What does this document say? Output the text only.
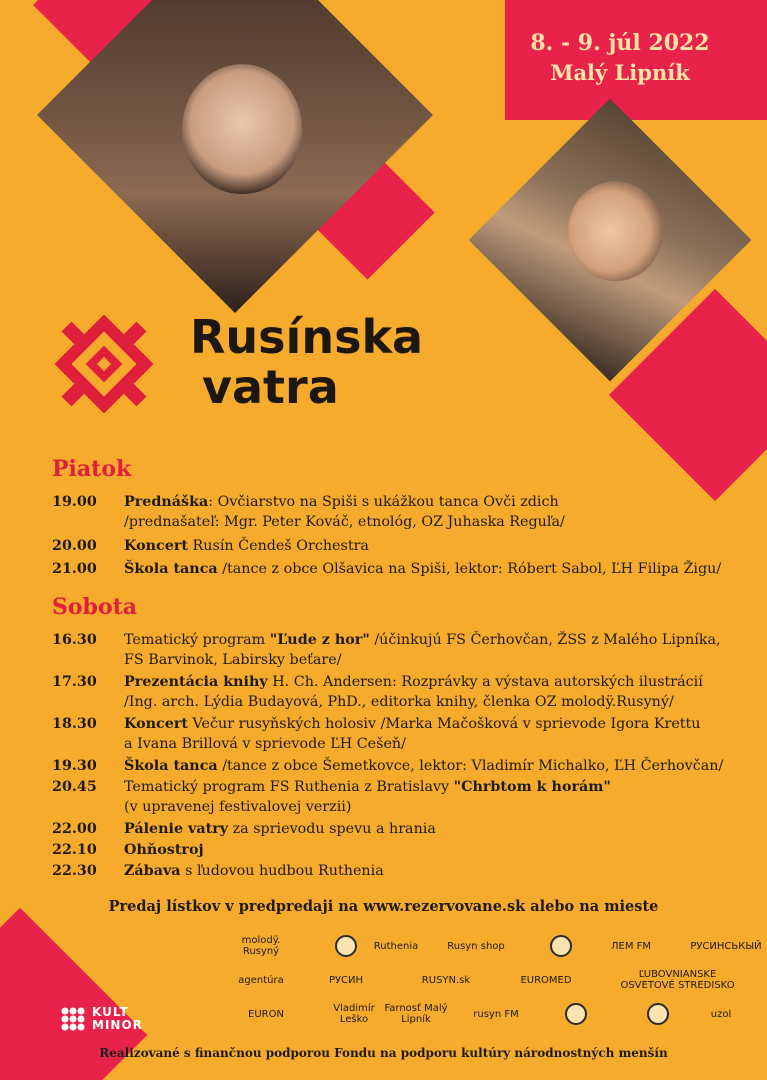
8. - 9. júl 2022
Malý Lipník
Rusínska
vatra
Piatok
Sobota
Predaj lístkov v predpredaji na www.rezervovane.sk alebo na mieste
KULT
MINOR
Realizované s finančnou podporou Fondu na podporu kultúry národnostných menšín
19.00	Prednáška: Ovčiarstvo na Spiši s ukážkou tanca Ovči zdich
/prednašateľ: Mgr. Peter Kováč, etnológ, OZ Juhaska Reguľa/
20.00	Koncert Rusín Čendeš Orchestra
21.00	Škola tanca /tance z obce Olšavica na Spiši, lektor: Róbert Sabol, ĽH Filipa Žigu/
16.30	Tematický program "Ľude z hor" /účinkujú FS Čerhovčan, ŽSS z Malého Lipníka,
FS Barvinok, Labirsky beťare/
17.30	Prezentácia knihy H. Ch. Andersen: Rozprávky a výstava autorských ilustrácií
/Ing. arch. Lýdia Budayová, PhD., editorka knihy, členka OZ molodÿ.Rusyný/
18.30	Koncert Večur rusyňských holosiv /Marka Mačošková v sprievode Igora Krettu
a Ivana Brillová v sprievode ĽH Cešeň/
19.30	Škola tanca /tance z obce Šemetkovce, lektor: Vladimír Michalko, ĽH Čerhovčan/
20.45	Tematický program FS Ruthenia z Bratislavy "Chrbtom k horám"
(v upravenej festivalovej verzii)
22.00	Pálenie vatry za sprievodu spevu a hrania
22.10	Ohňostroj
22.30	Zábava s ľudovou hudbou Ruthenia
molodÿ. Rusyný	Ruthenia	Rusyn shop	ЛЕМ FM	РУСИНСЬКЫЙ
agentúra	РУСИН	RUSYN.sk	EUROMED	ĽUBOVNIANSKE OSVETOVÉ STREDISKO
EURON	Vladimír Leško
Farnosť Malý Lipník	rusyn FM	uzol
